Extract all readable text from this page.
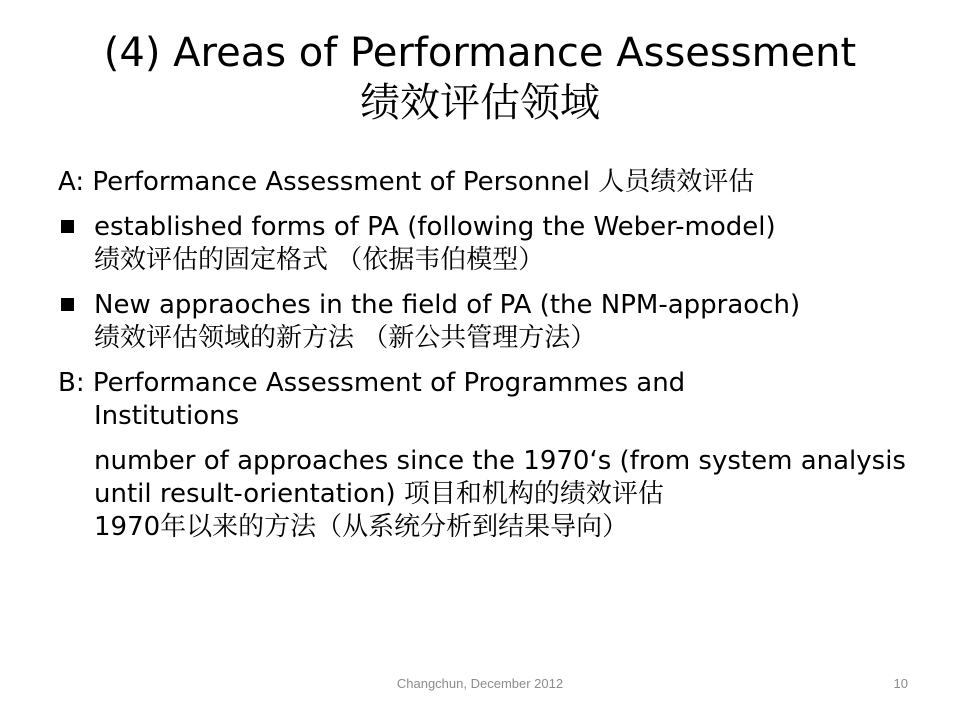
(4) Areas of Performance Assessment
绩效评估领域
A: Performance Assessment of Personnel 人员绩效评估
established forms of PA (following the Weber-model)
绩效评估的固定格式 （依据韦伯模型）
New appraoches in the field of PA (the NPM-appraoch)
绩效评估领域的新方法 （新公共管理方法）
B: Performance Assessment of Programmes and
Institutions
number of approaches since the 1970‘s (from system analysis until result-orientation) 项目和机构的绩效评估
1970年以来的方法（从系统分析到结果导向）
Changchun, December 2012	10
